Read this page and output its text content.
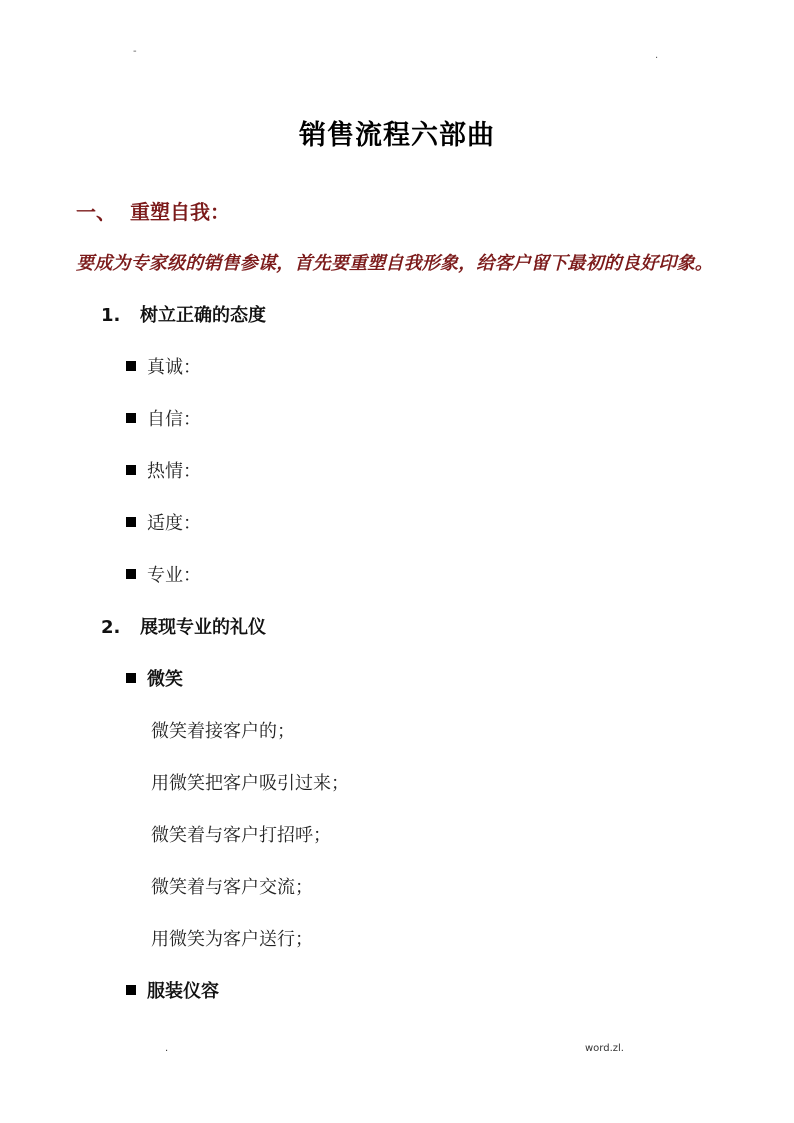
-	.
销售流程六部曲
一、 重塑自我：
要成为专家级的销售参谋，首先要重塑自我形象，给客户留下最初的良好印象。
1. 树立正确的态度
真诚：
自信：
热情：
适度：
专业：
2. 展现专业的礼仪
微笑
微笑着接客户的；
用微笑把客户吸引过来；
微笑着与客户打招呼；
微笑着与客户交流；
用微笑为客户送行；
服装仪容
.	word.zl.
